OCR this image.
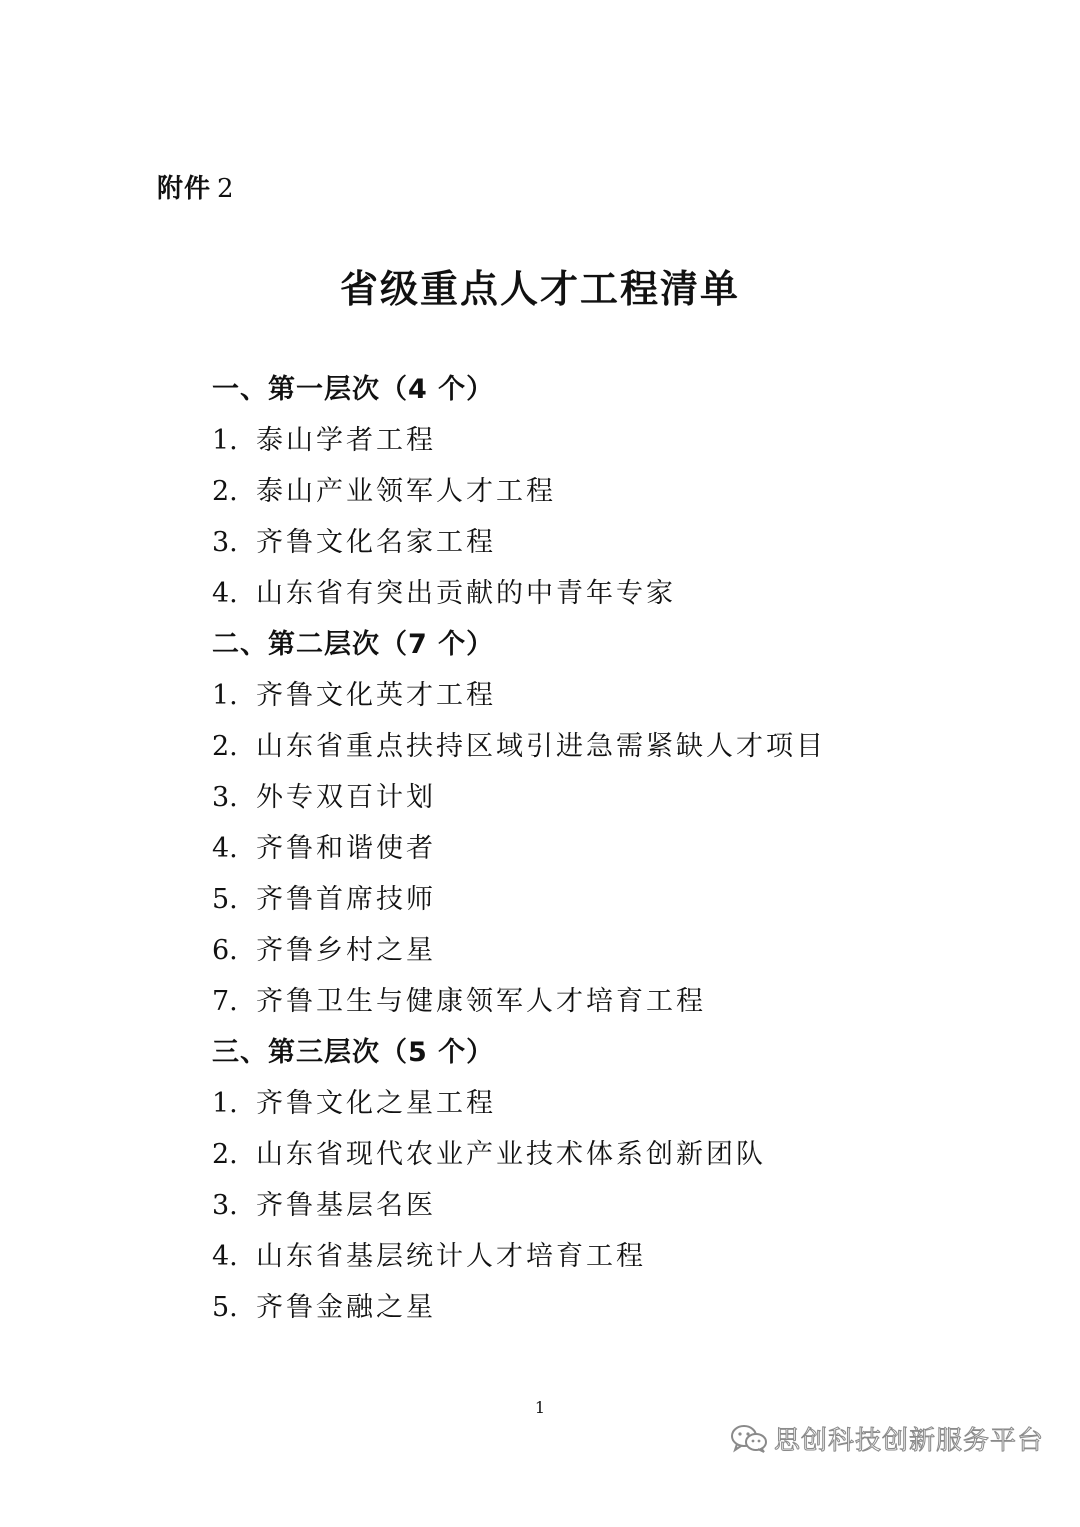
附件 2
省级重点人才工程清单
一、第一层次（4 个）
1. 泰山学者工程
2. 泰山产业领军人才工程
3. 齐鲁文化名家工程
4. 山东省有突出贡献的中青年专家
二、第二层次（7 个）
1. 齐鲁文化英才工程
2. 山东省重点扶持区域引进急需紧缺人才项目
3. 外专双百计划
4. 齐鲁和谐使者
5. 齐鲁首席技师
6. 齐鲁乡村之星
7. 齐鲁卫生与健康领军人才培育工程
三、第三层次（5 个）
1. 齐鲁文化之星工程
2. 山东省现代农业产业技术体系创新团队
3. 齐鲁基层名医
4. 山东省基层统计人才培育工程
5. 齐鲁金融之星
1
思创科技创新服务平台
